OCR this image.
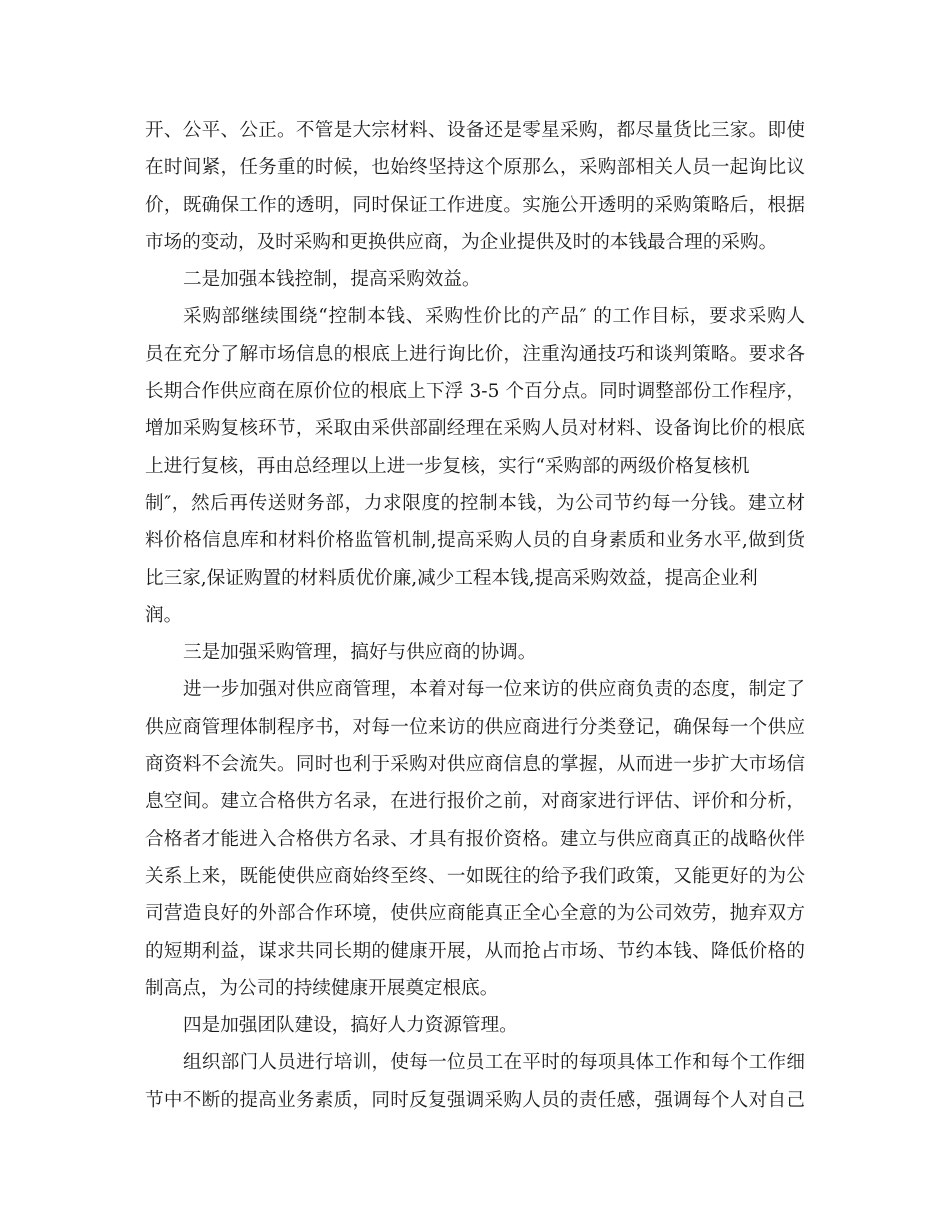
开、公平、公正。不管是大宗材料、设备还是零星采购，都尽量货比三家。即使
在时间紧，任务重的时候，也始终坚持这个原那么，采购部相关人员一起询比议
价，既确保工作的透明，同时保证工作进度。实施公开透明的采购策略后，根据
市场的变动，及时采购和更换供应商，为企业提供及时的本钱最合理的采购。
二是加强本钱控制，提高采购效益。
采购部继续围绕“控制本钱、采购性价比的产品″ 的工作目标，要求采购人
员在充分了解市场信息的根底上进行询比价，注重沟通技巧和谈判策略。要求各
长期合作供应商在原价位的根底上下浮 3-5 个百分点。同时调整部份工作程序，
增加采购复核环节，采取由采供部副经理在采购人员对材料、设备询比价的根底
上进行复核，再由总经理以上进一步复核，实行“采购部的两级价格复核机
制″，然后再传送财务部，力求限度的控制本钱，为公司节约每一分钱。建立材
料价格信息库和材料价格监管机制,提高采购人员的自身素质和业务水平,做到货
比三家,保证购置的材料质优价廉,减少工程本钱,提高采购效益，提高企业利
润。
三是加强采购管理，搞好与供应商的协调。
进一步加强对供应商管理，本着对每一位来访的供应商负责的态度，制定了
供应商管理体制程序书，对每一位来访的供应商进行分类登记，确保每一个供应
商资料不会流失。同时也利于采购对供应商信息的掌握，从而进一步扩大市场信
息空间。建立合格供方名录，在进行报价之前，对商家进行评估、评价和分析，
合格者才能进入合格供方名录、才具有报价资格。建立与供应商真正的战略伙伴
关系上来，既能使供应商始终至终、一如既往的给予我们政策，又能更好的为公
司营造良好的外部合作环境，使供应商能真正全心全意的为公司效劳，抛弃双方
的短期利益，谋求共同长期的健康开展，从而抢占市场、节约本钱、降低价格的
制高点，为公司的持续健康开展奠定根底。
四是加强团队建设，搞好人力资源管理。
组织部门人员进行培训，使每一位员工在平时的每项具体工作和每个工作细
节中不断的提高业务素质，同时反复强调采购人员的责任感，强调每个人对自己
